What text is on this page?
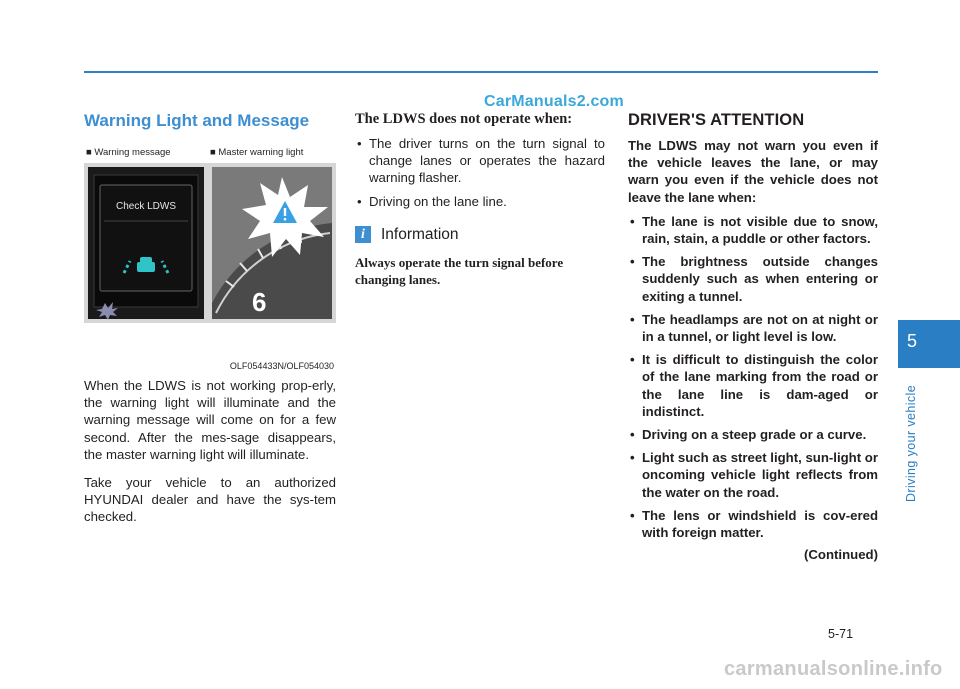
CarManuals2.com
Warning Light and Message
■ Warning message	■ Master warning light
Check LDWS
6
OLF054433N/OLF054030

When the LDWS is not working prop-erly, the warning light will illuminate and the warning message will come on for a few second. After the mes-sage disappears, the master warning light will illuminate.

Take your vehicle to an authorized HYUNDAI dealer and have the sys-tem checked.

The LDWS does not operate when:
• The driver turns on the turn signal to change lanes or operates the hazard warning flasher.
• Driving on the lane line.
i	Information

Always operate the turn signal before changing lanes.

DRIVER'S ATTENTION

The LDWS may not warn you even if the vehicle leaves the lane, or may warn you even if the vehicle does not leave the lane when:

• The lane is not visible due to snow, rain, stain, a puddle or other factors.
• The brightness outside changes suddenly such as when entering or exiting a tunnel.
• The headlamps are not on at night or in a tunnel, or light level is low.
• It is difficult to distinguish the color of the lane marking from the road or the lane line is dam-aged or indistinct.
• Driving on a steep grade or a curve.
• Light such as street light, sun-light or oncoming vehicle light reflects from the water on the road.
• The lens or windshield is cov-ered with foreign matter.
(Continued)
5
Driving your vehicle
5-71
carmanualsonline.info
